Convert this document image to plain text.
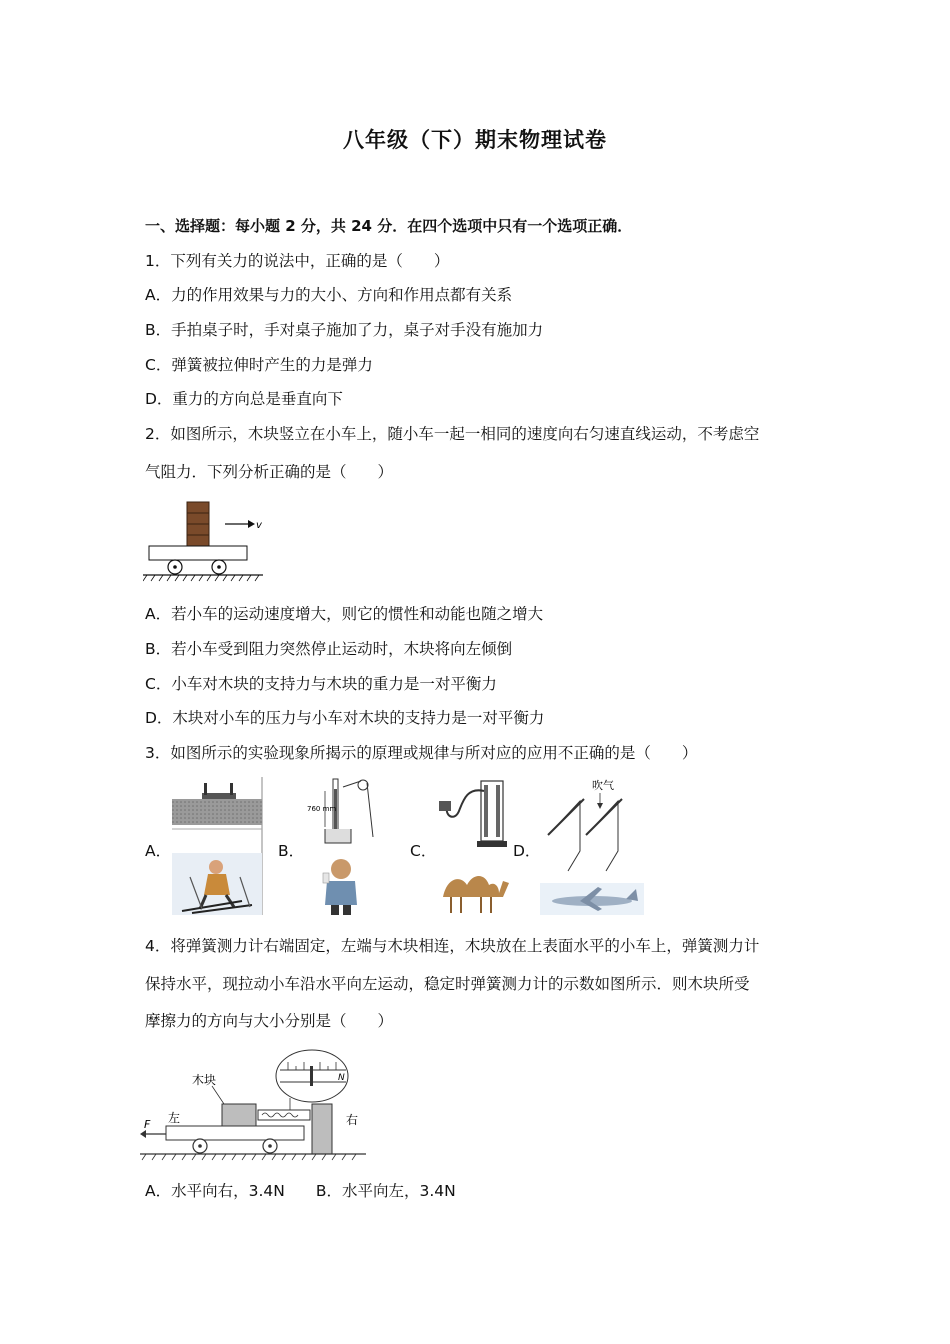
八年级（下）期末物理试卷
一、选择题：每小题 2 分，共 24 分．在四个选项中只有一个选项正确．
1．下列有关力的说法中，正确的是（　　）
A．力的作用效果与力的大小、方向和作用点都有关系
B．手拍桌子时，手对桌子施加了力，桌子对手没有施加力
C．弹簧被拉伸时产生的力是弹力
D．重力的方向总是垂直向下
2．如图所示，木块竖立在小车上，随小车一起一相同的速度向右匀速直线运动，不考虑空
气阻力．下列分析正确的是（　　）
v
A．若小车的运动速度增大，则它的惯性和动能也随之增大
B．若小车受到阻力突然停止运动时，木块将向左倾倒
C．小车对木块的支持力与木块的重力是一对平衡力
D．木块对小车的压力与小车对木块的支持力是一对平衡力
3．如图所示的实验现象所揭示的原理或规律与所对应的应用不正确的是（　　）
A．	B．	C．	D．
760 mm
吹气
4．将弹簧测力计右端固定，左端与木块相连，木块放在上表面水平的小车上，弹簧测力计
保持水平，现拉动小车沿水平向左运动，稳定时弹簧测力计的示数如图所示．则木块所受
摩擦力的方向与大小分别是（　　）
N
木块
右
F 左
A．水平向右，3.4N　　B．水平向左，3.4N
